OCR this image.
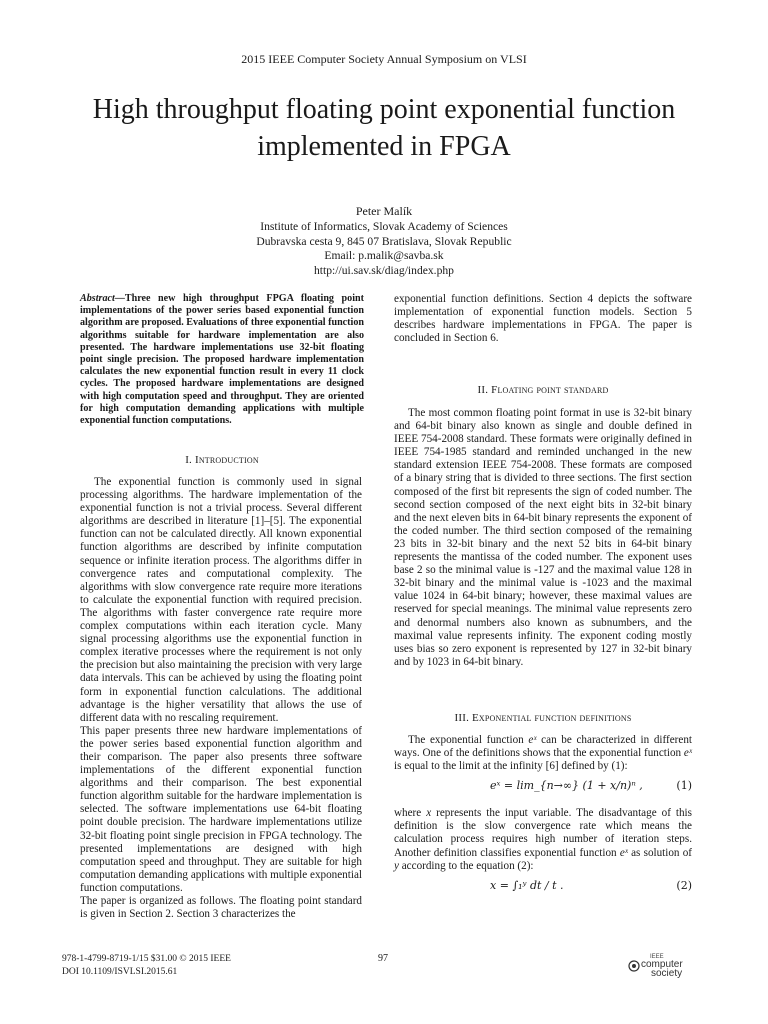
2015 IEEE Computer Society Annual Symposium on VLSI
High throughput floating point exponential function implemented in FPGA
Peter Malík
Institute of Informatics, Slovak Academy of Sciences
Dubravska cesta 9, 845 07 Bratislava, Slovak Republic
Email: p.malik@savba.sk
http://ui.sav.sk/diag/index.php
Abstract—Three new high throughput FPGA floating point implementations of the power series based exponential function algorithm are proposed. Evaluations of three exponential function algorithms suitable for hardware implementation are also presented. The hardware implementations use 32-bit floating point single precision. The proposed hardware implementation calculates the new exponential function result in every 11 clock cycles. The proposed hardware implementations are designed with high computation speed and throughput. They are oriented for high computation demanding applications with multiple exponential function computations.
I. Introduction

The exponential function is commonly used in signal processing algorithms. The hardware implementation of the exponential function is not a trivial process. Several different algorithms are described in literature [1]–[5]. The exponential function can not be calculated directly. All known exponential function algorithms are described by infinite computation sequence or infinite iteration process. The algorithms differ in convergence rates and computational complexity. The algorithms with slow convergence rate require more iterations to calculate the exponential function with required precision. The algorithms with faster convergence rate require more complex computations within each iteration cycle. Many signal processing algorithms use the exponential function in complex iterative processes where the requirement is not only the precision but also maintaining the precision with very large data intervals. This can be achieved by using the floating point form in exponential function calculations. The additional advantage is the higher versatility that allows the use of different data with no rescaling requirement.

This paper presents three new hardware implementations of the power series based exponential function algorithm and their comparison. The paper also presents three software implementations of the different exponential function algorithms and their comparison. The best exponential function algorithm suitable for the hardware implementation is selected. The software implementations use 64-bit floating point double precision. The hardware implementations utilize 32-bit floating point single precision in FPGA technology. The presented implementations are designed with high computation speed and throughput. They are suitable for high computation demanding applications with multiple exponential function computations.

The paper is organized as follows. The floating point standard is given in Section 2. Section 3 characterizes the

exponential function definitions. Section 4 depicts the software implementation of exponential function models. Section 5 describes hardware implementations in FPGA. The paper is concluded in Section 6.

II. Floating point standard

The most common floating point format in use is 32-bit binary and 64-bit binary also known as single and double defined in IEEE 754-2008 standard. These formats were originally defined in IEEE 754-1985 standard and reminded unchanged in the new standard extension IEEE 754-2008. These formats are composed of a binary string that is divided to three sections. The first section composed of the first bit represents the sign of coded number. The second section composed of the next eight bits in 32-bit binary and the next eleven bits in 64-bit binary represents the exponent of the coded number. The third section composed of the remaining 23 bits in 32-bit binary and the next 52 bits in 64-bit binary represents the mantissa of the coded number. The exponent uses base 2 so the minimal value is -127 and the maximal value 128 in 32-bit binary and the minimal value is -1023 and the maximal value 1024 in 64-bit binary; however, these maximal values are reserved for special meanings. The minimal value represents zero and denormal numbers also known as subnumbers, and the maximal value represents infinity. The exponent coding mostly uses bias so zero exponent is represented by 127 in 32-bit binary and by 1023 in 64-bit binary.

III. Exponential function definitions

The exponential function eˣ can be characterized in different ways. One of the definitions shows that the exponential function eˣ is equal to the limit at the infinity [6] defined by (1):

eˣ = lim_{n→∞} (1 + x/n)ⁿ ,	(1)

where x represents the input variable. The disadvantage of this definition is the slow convergence rate which means the calculation process requires high number of iteration steps. Another definition classifies exponential function eˣ as solution of y according to the equation (2):

x = ∫₁ʸ dt / t .	(2)
978-1-4799-8719-1/15 $31.00 © 2015 IEEE
DOI 10.1109/ISVLSI.2015.61
97	IEEE
computer
society
